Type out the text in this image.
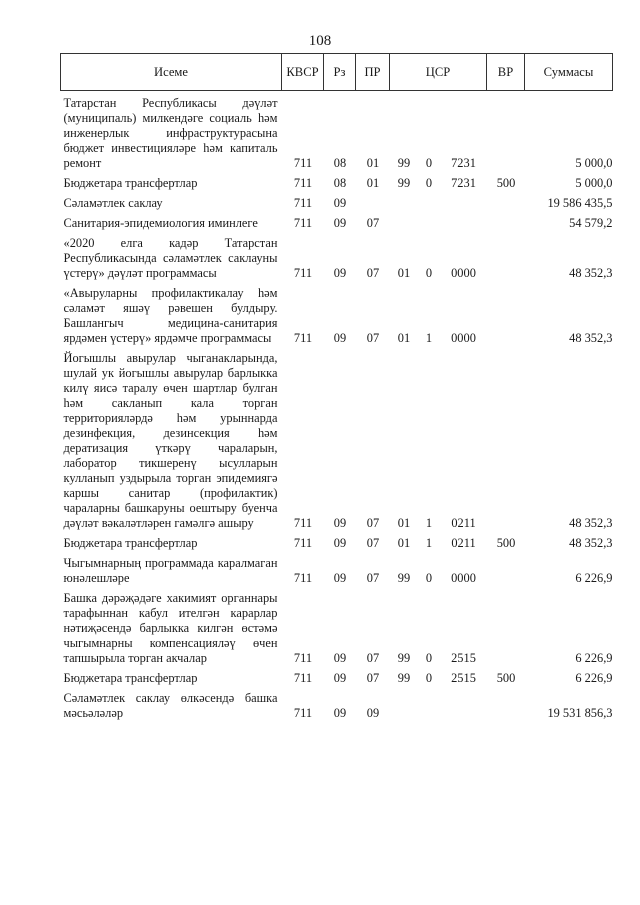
108
Исеме	КВСР	Рз	ПР	ЦСР			ВР	Суммасы

Татарстан Республикасы дәүләт (муниципаль) милкендәге социаль һәм инженерлык инфраструктурасына бюджет инвестицияләре һәм капиталь ремонт	711	08	01	99	0	7231		5 000,0
Бюджетара трансфертлар	711	08	01	99	0	7231	500	5 000,0
Сәламәтлек саклау	711	09						19 586 435,5
Санитария-эпидемиология иминлеге	711	09	07					54 579,2
«2020 елга кадәр Татарстан Республикасында сәламәтлек саклауны үстерү» дәүләт программасы	711	09	07	01	0	0000		48 352,3
«Авыруларны профилактикалау һәм сәламәт яшәү рәвешен булдыру. Башлангыч медицина-санитария ярдәмен үстерү» ярдәмче программасы	711	09	07	01	1	0000		48 352,3
Йогышлы авырулар чыганакларында, шулай ук йогышлы авырулар барлыкка килү яисә таралу өчен шартлар булган һәм сакланып кала торган территорияләрдә һәм урыннарда дезинфекция, дезинсекция һәм дератизация үткәрү чараларын, лаборатор тикшеренү ысулларын кулланып уздырыла торган эпидемиягә каршы санитар (профилактик) чараларны башкаруны оештыру буенча дәүләт вәкаләтләрен гамәлгә ашыру	711	09	07	01	1	0211		48 352,3
Бюджетара трансфертлар	711	09	07	01	1	0211	500	48 352,3
Чыгымнарның программада каралмаган юнәлешләре	711	09	07	99	0	0000		6 226,9
Башка дәрәҗәдәге хакимият органнары тарафыннан кабул ителгән карарлар нәтиҗәсендә барлыкка килгән өстәмә чыгымнарны компенсацияләү өчен тапшырыла торган акчалар	711	09	07	99	0	2515		6 226,9
Бюджетара трансфертлар	711	09	07	99	0	2515	500	6 226,9
Сәламәтлек саклау өлкәсендә башка мәсьәләләр	711	09	09					19 531 856,3
